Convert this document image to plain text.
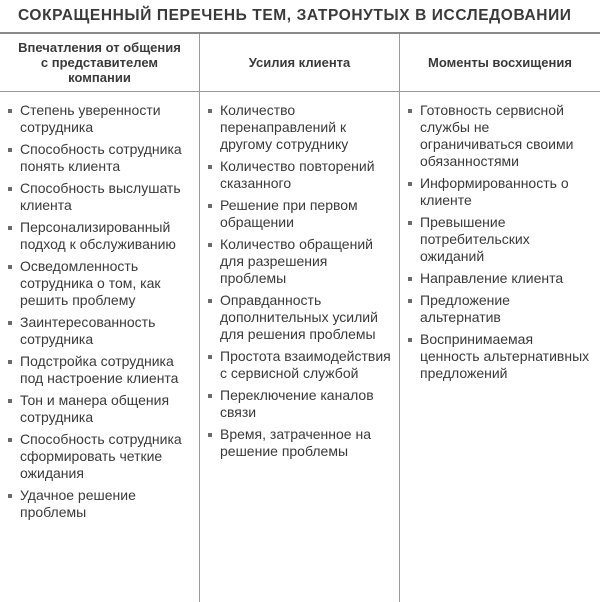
СОКРАЩЕННЫЙ ПЕРЕЧЕНЬ ТЕМ, ЗАТРОНУТЫХ В ИССЛЕДОВАНИИ
Впечатления от общения
с представителем
компании
Степень уверенности сотрудника
Способность сотрудника понять клиента
Способность выслушать клиента
Персонализированный подход к обслуживанию
Осведомленность сотрудника о том, как решить проблему
Заинтересованность сотрудника
Подстройка сотрудника под настроение клиента
Тон и манера общения сотрудника
Способность сотрудника сформировать четкие ожидания
Удачное решение проблемы
Усилия клиента
Количество перенаправлений к другому сотруднику
Количество повторений сказанного
Решение при первом обращении
Количество обращений для разрешения проблемы
Оправданность дополнительных усилий для решения проблемы
Простота взаимодействия с сервисной службой
Переключение каналов связи
Время, затраченное на решение проблемы
Моменты восхищения
Готовность сервисной службы не ограничиваться своими обязанностями
Информированность о клиенте
Превышение потребительских ожиданий
Направление клиента
Предложение альтернатив
Воспринимаемая ценность альтернативных предложений
